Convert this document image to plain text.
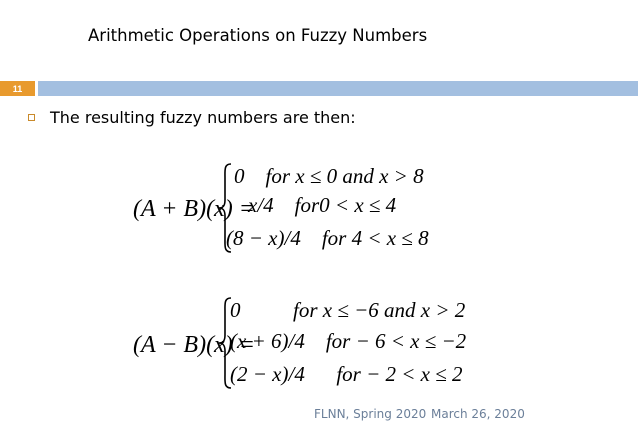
Arithmetic Operations on Fuzzy Numbers
11
The resulting fuzzy numbers are then:
(A + B)(x) =
0    for x ≤ 0 and x > 8
x/4    for0 < x ≤ 4
(8 − x)/4    for 4 < x ≤ 8
(A − B)(x) =
0          for x ≤ −6 and x > 2
(x + 6)/4    for − 6 < x ≤ −2
(2 − x)/4      for − 2 < x ≤ 2
FLNN, Spring 2020 March 26, 2020
